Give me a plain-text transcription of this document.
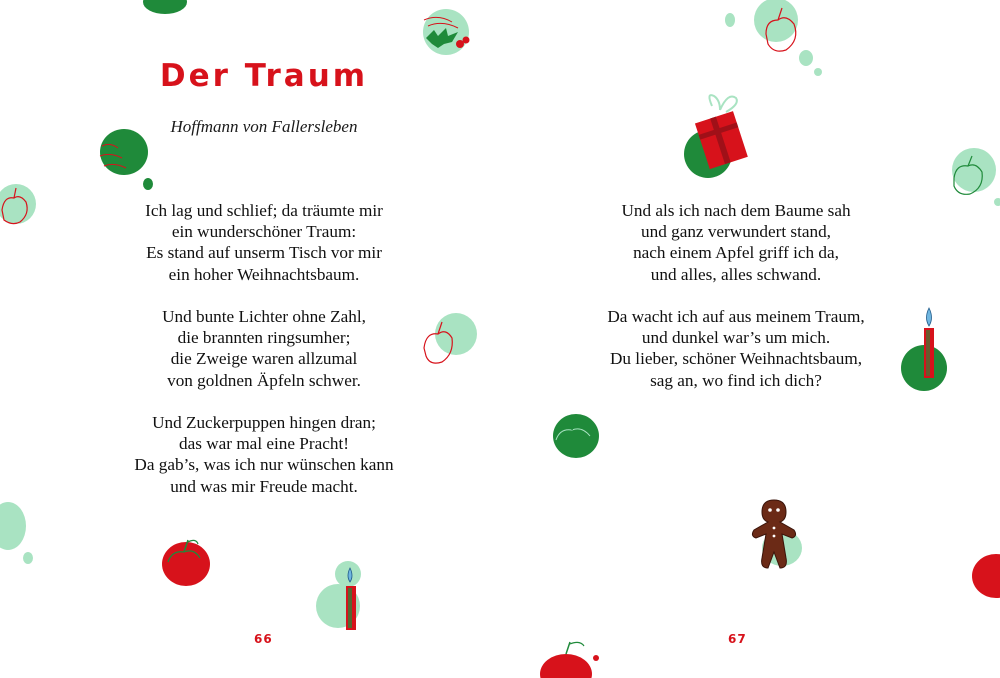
Der Traum

Hoffmann von Fallersleben

Ich lag und schlief; da träumte mir
ein wunderschöner Traum:
Es stand auf unserm Tisch vor mir
ein hoher Weihnachtsbaum.
Und bunte Lichter ohne Zahl,
die brannten ringsumher;
die Zweige waren allzumal
von goldnen Äpfeln schwer.
Und Zuckerpuppen hingen dran;
das war mal eine Pracht!
Da gab’s, was ich nur wünschen kann
und was mir Freude macht.
66
Und als ich nach dem Baume sah
und ganz verwundert stand,
nach einem Apfel griff ich da,
und alles, alles schwand.
Da wacht ich auf aus meinem Traum,
und dunkel war’s um mich.
Du lieber, schöner Weihnachtsbaum,
sag an, wo find ich dich?
67
